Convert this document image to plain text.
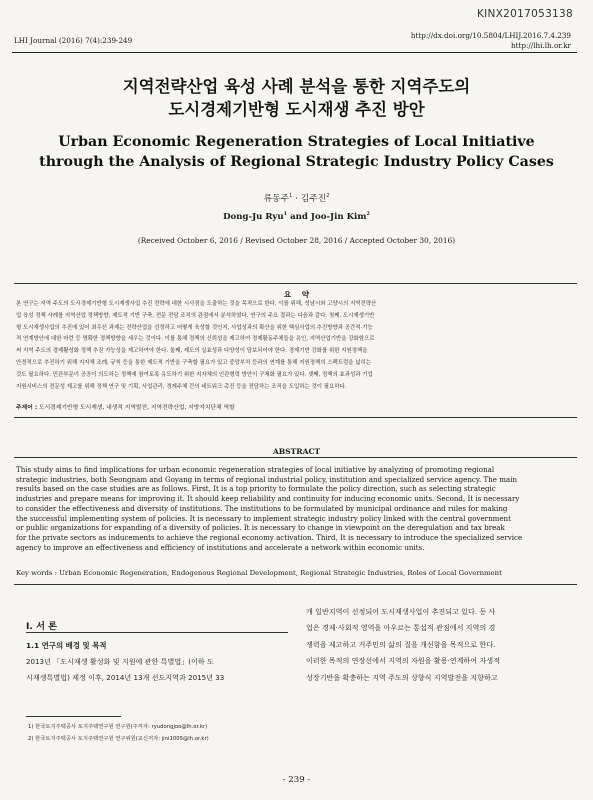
KINX2017053138
LHI Journal (2016) 7(4):239-249
http://dx.doi.org/10.5804/LHIJ.2016.7.4.239
http://lhi.lh.or.kr
지역전략산업 육성 사례 분석을 통한 지역주도의
도시경제기반형 도시재생 추진 방안
Urban Economic Regeneration Strategies of Local Initiative
through the Analysis of Regional Strategic Industry Policy Cases
류동주$^1$ · 김주진$^2$
Dong-Ju Ryu$^1$ and Joo-Jin Kim$^2$
(Received October 6, 2016 / Revised October 28, 2016 / Accepted October 30, 2016)
요    약
본 연구는 지역 주도의 도시경제기반형 도시재생사업 추진 전략에 대한 시사점을 도출하는 것을 목적으로 한다. 이를 위해, 성남시와 고양시의 지역전략산
업 육성 정책 사례를 지역산업 정책방향, 제도적 기반 구축, 전문 전담 조직의 관점에서 분석하였다. 연구의 주요 결과는 다음과 같다. 첫째, 도시재생기반
형 도시재생사업의 추진에 있어 최우선 과제는 전략산업을 선정하고 어떻게 육성할 것인지, 사업성과의 확산을 위한 핵심사업의 추진방향과 공간적·기능
적 연계방안에 대한 마련 등 명확한 정책방향을 세우는 것이다. 이를 통해 정책의 신뢰성을 제고하여 경제활동주체들을 유인, 지역산업기반을 강화함으로
써 지역 주도의 경제활성화 정책 추진 가능성을 제고하여야 한다. 둘째, 제도의 실효성과 다양성이 담보되어야 한다. 경제기반 강화를 위한 지원정책을
안정적으로 추진하기 위해 지자체 조례, 규칙 등을 통한 제도적 기반을 구축할 필요가 있고 중앙부처 등과의 연계를 통해 지원정책의 스펙트럼을 넓히는
것도 필요하다. 민관부문이 공공이 의도하는 정책에 참여토록 유도하기 위한 지자체의 인관형력 방안이 구체화 필요가 있다. 셋째, 정책의 효과성과 기업
지원서비스의 전문성 제고를 위해 정책 연구 및 기획, 사업관리, 경제주체 간의 네트워크 촉진 등을 전담하는 조직을 도입하는 것이 필요하다.
주제어 : 도시경제기반형 도시재생, 내생적 지역발전, 지역전략산업, 지방자치단체 역할
ABSTRACT
This study aims to find implications for urban economic regeneration strategies of local initiative by analyzing of promoting regional
strategic industries, both Seongnam and Goyang in terms of regional industrial policy, institution and specialized service agency. The main
results based on the case studies are as follows. First, It is a top priority to formulate the policy direction, such as selecting strategic
industries and prepare means for improving it. It should keep reliability and continuity for inducing economic units. Second, It is necessary
to consider the effectiveness and diversity of institutions. The institutions to be formulated by municipal ordinance and rules for making
the successful implementing system of policies. It is necessary to implement strategic industry policy linked with the central government
or public organizations for expanding of a diversity of policies. It is necessary to change in viewpoint on the deregulation and tax break
for the private sectors as inducements to achieve the regional economy activation. Third, It is necessary to introduce the specialized service
agency to improve an effectiveness and efficiency of institutions and accelerate a network within economic units.
Key words : Urban Economic Regeneration, Endogenous Regional Development, Regional Strategic Industries, Roles of Local Government
Ⅰ. 서 론
1.1 연구의 배경 및 목적
2013년 「도시재생 활성화 및 지원에 관한 특별법」(이하 도
시재생특별법) 제정 이후, 2014년 13개 선도지역과 2015년 33
개 일반지역이 선정되어 도시재생사업이 추진되고 있다. 동 사
업은 경제·사회적 영역을 아우르는 통섭적 관점에서 지역의 경
쟁력을 제고하고 거주민의 삶의 질을 개선함을 목적으로 한다.
이러한 목적의 연장선에서 지역의 자원을 활용·연계하여 자생적
성장기반을 확충하는 지역 주도의 상향식 지역발전을 지향하고
1) 한국토지주택공사 토지주택연구원 연구원(주저자: ryudongjoo@lh.or.kr)
2) 한국토지주택공사 토지주택연구원 연구위원(교신저자: jini1005@lh.or.kr)
- 239 -
